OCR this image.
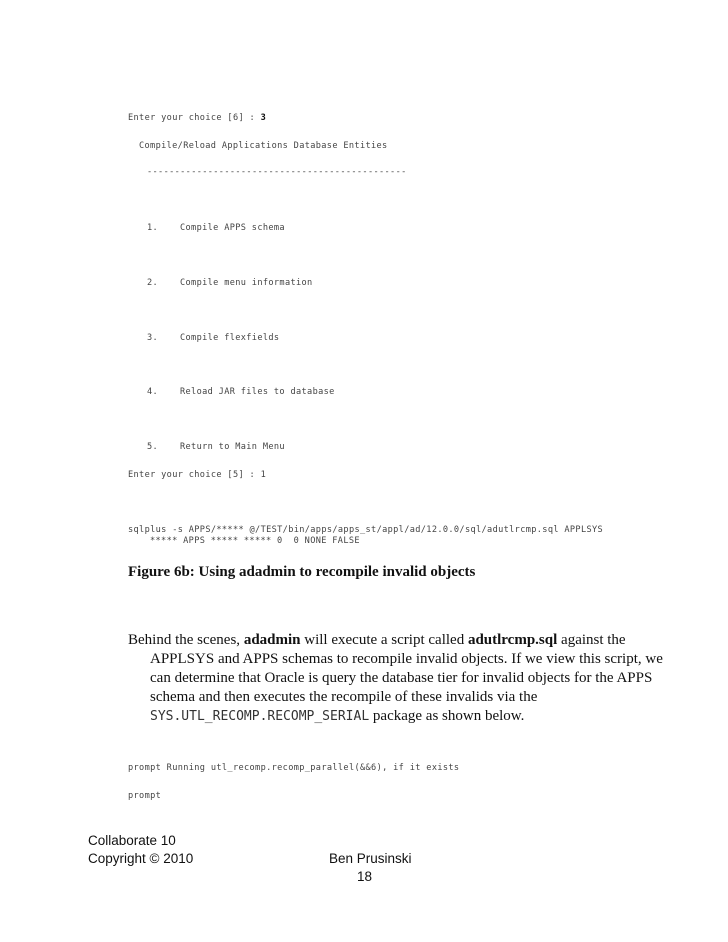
Enter your choice [6] : 3
Compile/Reload Applications Database Entities
-----------------------------------------------
1.	Compile APPS schema
2.	Compile menu information
3.	Compile flexfields
4.	Reload JAR files to database
5.	Return to Main Menu
Enter your choice [5] : 1
sqlplus -s APPS/***** @/TEST/bin/apps/apps_st/appl/ad/12.0.0/sql/adutlrcmp.sql APPLSYS
***** APPS ***** ***** 0  0 NONE FALSE
Figure 6b: Using adadmin to recompile invalid objects
Behind the scenes, adadmin will execute a script called adutlrcmp.sql against the
APPLSYS and APPS schemas to recompile invalid objects. If we view this script, we
can determine that Oracle is query the database tier for invalid objects for the APPS
schema and then executes the recompile of these invalids via the
SYS.UTL_RECOMP.RECOMP_SERIAL package as shown below.
prompt Running utl_recomp.recomp_parallel(&&6), if it exists
prompt
Collaborate 10
Copyright © 2010	Ben Prusinski
18
